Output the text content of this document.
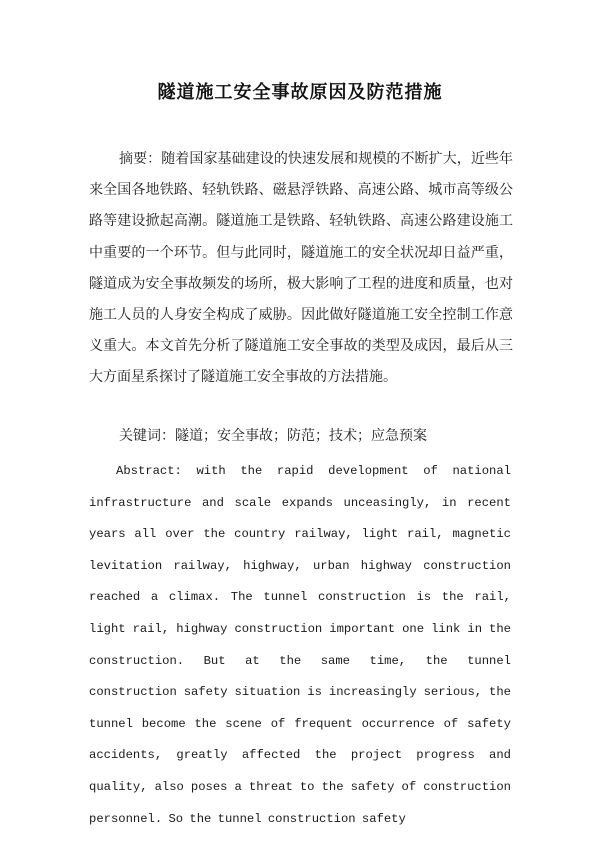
隧道施工安全事故原因及防范措施

摘要：随着国家基础建设的快速发展和规模的不断扩大，近些年来全国各地铁路、轻轨铁路、磁悬浮铁路、高速公路、城市高等级公路等建设掀起高潮。隧道施工是铁路、轻轨铁路、高速公路建设施工中重要的一个环节。但与此同时，隧道施工的安全状况却日益严重，隧道成为安全事故频发的场所，极大影响了工程的进度和质量，也对施工人员的人身安全构成了威胁。因此做好隧道施工安全控制工作意义重大。本文首先分析了隧道施工安全事故的类型及成因，最后从三大方面星系探讨了隧道施工安全事故的方法措施。

关键词：隧道；安全事故；防范；技术；应急预案

Abstract: with the rapid development of national infrastructure and scale expands unceasingly, in recent years all over the country railway, light rail, magnetic levitation railway, highway, urban highway construction reached a climax. The tunnel construction is the rail, light rail, highway construction important one link in the construction. But at the same time, the tunnel construction safety situation is increasingly serious, the tunnel become the scene of frequent occurrence of safety accidents, greatly affected the project progress and quality, also poses a threat to the safety of construction personnel. So the tunnel construction safety
